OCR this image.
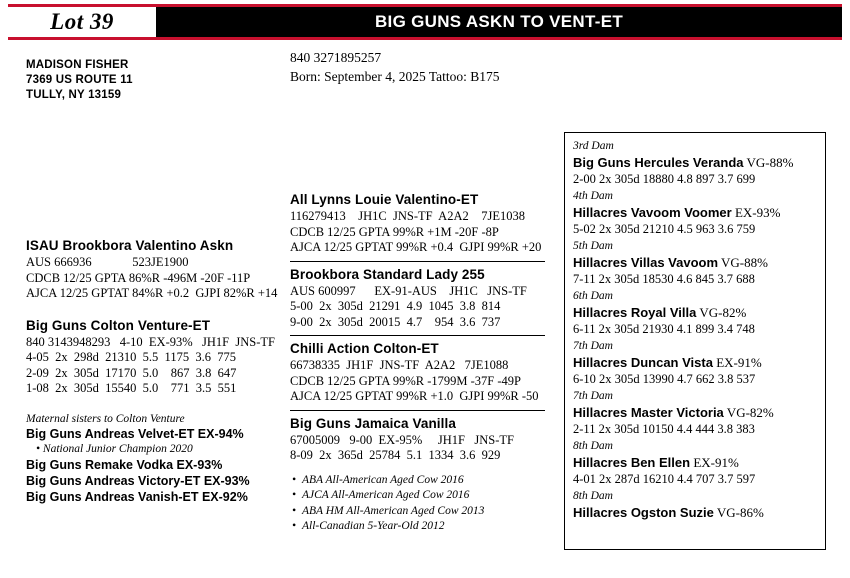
Lot 39	BIG GUNS ASKN TO VENT-ET
MADISON FISHER
7369 US ROUTE 11
TULLY, NY 13159
840 3271895257
Born: September 4, 2025 Tattoo: B175
ISAU Brookbora Valentino Askn
AUS 666936             523JE1900
CDCB 12/25 GPTA 86%R -496M -20F -11P
AJCA 12/25 GPTAT 84%R +0.2  GJPI 82%R +14
Big Guns Colton Venture-ET
840 3143948293   4-10  EX-93%   JH1F  JNS-TF
4-05  2x  298d  21310  5.5  1175  3.6  775
2-09  2x  305d  17170  5.0    867  3.8  647
1-08  2x  305d  15540  5.0    771  3.5  551
Maternal sisters to Colton Venture
Big Guns Andreas Velvet-ET EX-94%
• National Junior Champion 2020
Big Guns Remake Vodka EX-93%
Big Guns Andreas Victory-ET EX-93%
Big Guns Andreas Vanish-ET EX-92%
All Lynns Louie Valentino-ET
116279413    JH1C  JNS-TF  A2A2    7JE1038
CDCB 12/25 GPTA 99%R +1M -20F -8P
AJCA 12/25 GPTAT 99%R +0.4  GJPI 99%R +20
Brookbora Standard Lady 255
AUS 600997      EX-91-AUS    JH1C   JNS-TF
5-00  2x  305d  21291  4.9  1045  3.8  814
9-00  2x  305d  20015  4.7    954  3.6  737
Chilli Action Colton-ET
66738335  JH1F  JNS-TF  A2A2   7JE1088
CDCB 12/25 GPTA 99%R -1799M -37F -49P
AJCA 12/25 GPTAT 99%R +1.0  GJPI 99%R -50
Big Guns Jamaica Vanilla
67005009   9-00  EX-95%     JH1F   JNS-TF
8-09  2x  365d  25784  5.1  1334  3.6  929
• ABA All-American Aged Cow 2016
• AJCA All-American Aged Cow 2016
• ABA HM All-American Aged Cow 2013
• All-Canadian 5-Year-Old 2012
3rd Dam
Big Guns Hercules Veranda VG-88%
2-00 2x 305d 18880 4.8 897 3.7 699
4th Dam
Hillacres Vavoom Voomer EX-93%
5-02 2x 305d 21210 4.5 963 3.6 759
5th Dam
Hillacres Villas Vavoom VG-88%
7-11 2x 305d 18530 4.6 845 3.7 688
6th Dam
Hillacres Royal Villa VG-82%
6-11 2x 305d 21930 4.1 899 3.4 748
7th Dam
Hillacres Duncan Vista EX-91%
6-10 2x 305d 13990 4.7 662 3.8 537
7th Dam
Hillacres Master Victoria VG-82%
2-11 2x 305d 10150 4.4 444 3.8 383
8th Dam
Hillacres Ben Ellen EX-91%
4-01 2x 287d 16210 4.4 707 3.7 597
8th Dam
Hillacres Ogston Suzie VG-86%
